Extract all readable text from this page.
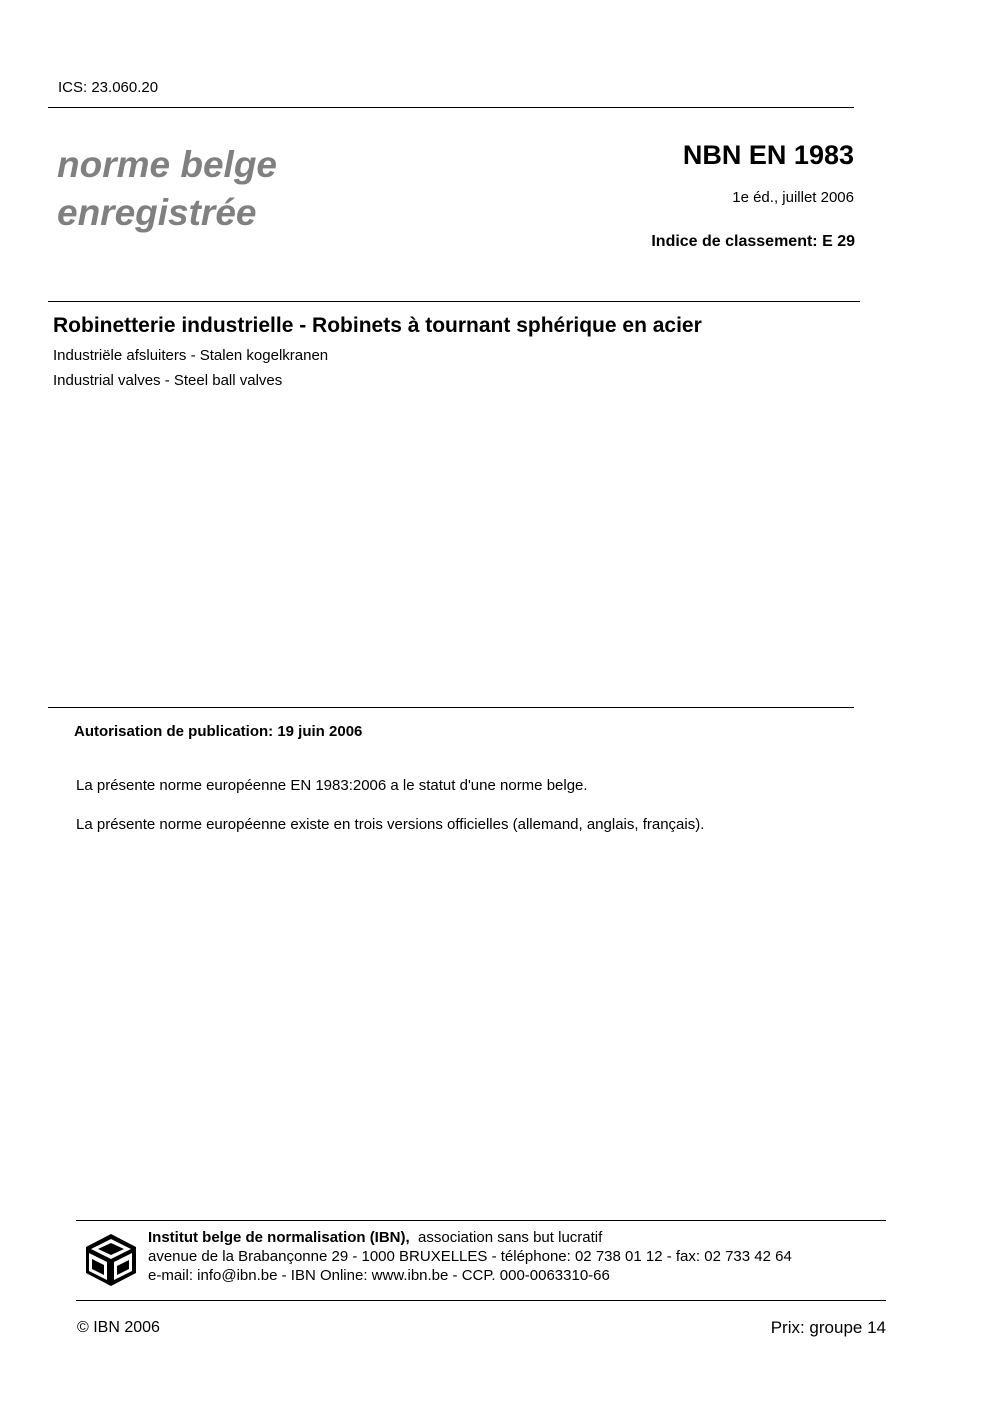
ICS: 23.060.20
norme belge
enregistrée
NBN EN 1983
1e éd., juillet 2006
Indice de classement: E 29
Robinetterie industrielle - Robinets à tournant sphérique en acier
Industriële afsluiters - Stalen kogelkranen
Industrial valves - Steel ball valves
Autorisation de publication: 19 juin 2006
La présente norme européenne EN 1983:2006 a le statut d'une norme belge.
La présente norme européenne existe en trois versions officielles (allemand, anglais, français).
BIN
Institut belge de normalisation (IBN), association sans but lucratif
avenue de la Brabançonne 29 - 1000 BRUXELLES - téléphone: 02 738 01 12 - fax: 02 733 42 64
e-mail: info@ibn.be - IBN Online: www.ibn.be - CCP. 000-0063310-66
© IBN 2006	Prix: groupe 14
